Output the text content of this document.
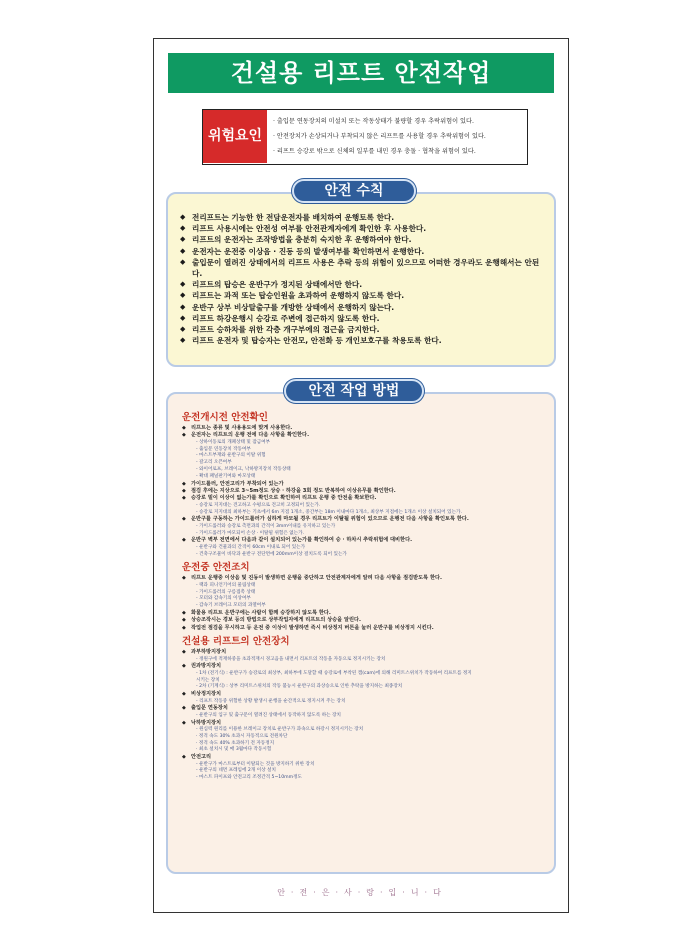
건설용 리프트 안전작업
위험요인
· 출입문 연동장치의 미설치 또는 작동상태가 불량할 경우 추락위험이 있다.
· 안전장치가 손상되거나 부착되지 않은 리프트를 사용할 경우 추락위험이 있다.
· 리프트 승강로 밖으로 신체의 일부를 내민 경우 충돌 · 협착을 위험이 있다.
◆ 전리프트는 기능한 한 전담운전자를 배치하여 운행토록 한다.
◆ 리프트 사용시에는 안전성 여부를 안전관계자에게 확인한 후 사용한다.
◆ 리프트의 운전자는 조작방법을 충분히 숙지한 후 운행하여야 한다.
◆ 운전자는 운전중 이상음 · 진동 등의 발생여부를 확인하면서 운행한다.
◆ 출입문이 열려진 상태에서의 리프트 사용은 추락 등의 위험이 있으므로 어떠한 경우라도 운행해서는 안된다.
◆ 리프트의 탑승은 운반구가 정지된 상태에서만 한다.
◆ 리프트는 과적 또는 탑승인원을 초과하여 운행하지 않도록 한다.
◆ 운반구 상부 비상탈출구를 개방한 상태에서 운행하지 않는다.
◆ 리프트 하강운행시 승강로 주변에 접근하지 않도록 한다.
◆ 리프트 승하차를 위한 각층 개구부에의 접근을 금지한다.
◆ 리프트 운전자 및 탑승자는 안전모, 안전화 등 개인보호구를 착용토록 한다.
안전 수칙
운전개시전 안전확인
◆ 리프트는 종류 및 사용용도에 맞게 사용한다.
◆ 운전자는 리프트의 운행 전에 다음 사항을 확인한다.
- 상하이동로의 개폐상태 및 잠금여부
- 출입문 연동장치 작동여부
- 마스트부재와 운반구의 이탈 위험
- 갈고리 오픈여부
- 와이어로프, 브레이크, 낙하방지장치 작동상태
- 확대 패널판기여와 마모상태
◆ 가이드롤러, 안전고리가 부착되어 있는가
◆ 점검 후에는 지상으로 3~5m정도 상승 · 하강을 3회 정도 반복하여 이상유무를 확인한다.
◆ 승강로 밑이 이상이 없는가를 확인으로 확인하여 리프트 운행 중 안전을 확보한다.
- 승강로 지지대는 견고하고 수평으로 견고히 고정되어 있는가.
- 승강로 지지대의 최하부는 기초에서 6m 지점 1개소, 중간부는 18m 이내마다 1개소, 최상부 지점에는 1개소 이상 설치되어 있는가.
◆ 운반구를 구동하는 가이드롤러가 심하게 마모될 경우 리프트가 이탈될 위험이 있으므로 운행전 다음 사항을 확인토록 한다.
- 가이드롤러와 승강로 측면과의 간격이 3mm이내를 유지하고 있는가
- 가이드롤러가 마모되어 손상 · 이탈될 위험은 없는가.
◆ 운반구 벽부 전면에서 다음과 같이 설치되어 있는가를 확인하여 승 · 하차시 추락위험에 대비한다.
- 운반구와 건물과의 간격이 60cm 이내로 되어 있는가
- 건축구조물이 바닥과 운반구 전단면에 200mm이상 걸치도록 되어 있는가
운전중 안전조치
◆ 리프트 운행중 이상음 및 진동이 발생하면 운행을 중단하고 안전관계자에게 알려 다음 사항을 점검받도록 한다.
- 랙과 피니언기어의 물림상태
- 가이드롤러의 구름접촉 상태
- 모터와 감속기의 이상여부
- 감속기 브레이크 모터의 과열여부
◆ 화물용 리프트 운반구에는 사람이 함께 승강하지 않도록 한다.
◆ 상승조작시는 경보 등의 방법으로 상부작업자에게 리프트의 상승을 알린다.
◆ 작업전 점검을 무시하고 등 운전 중 이상이 발생하면 즉시 비상정지 버튼을 눌러 운반구를 비상정지 시킨다.
건설용 리프트의 안전장치
◆ 과부하방지장치
- 정원구에 적재하중을 초과적재시 경고음을 내면서 리프트의 작동을 자동으로 정지시키는 장치
◆ 권과방지장치
- 1차 (전기식) : 운반구가 승강로의 최상부, 최하부에 도달할 때 승강로에 부착된 캠(cam)에 의해 리미트스위치가 작동하여 리프트를 정지
시키는 장치
- 2차 (기계식) : 상부 리미트스위치의 작동 불능시 운반구의 과상승으로 인한 추락을 방지하는 최종장치
◆ 비상정지장치
- 리프트 작동중 위험한 상황 발생시 운행을 순간적으로 정지시켜 주는 장치
◆ 출입문 연동장치
- 운반구의 입구 및 출구문이 열려진 상태에서 동작하지 않도록 하는 장치
◆ 낙하방지장치
- 원심력 원리를 이용한 브레이크 장치로 운반구가 과속으로 하강시 정지시키는 장치
· 정격 속도 30% 초과시 자동적으로 전원차단
· 정격 속도 40% 초과하기 전 자동정지
· 최초 설치시 및 매 3월마다 작동시험
◆ 안전고리
- 운반구가 마스트로부터 이탈되는 것을 방지하기 위한 장치
- 운반구의 네면 프레임에 2개 이상 설치
- 마스트 파이프와 안전고리 조정간격 5~10mm정도
안전 작업 방법
안·전·은·사·랑·입·니·다
